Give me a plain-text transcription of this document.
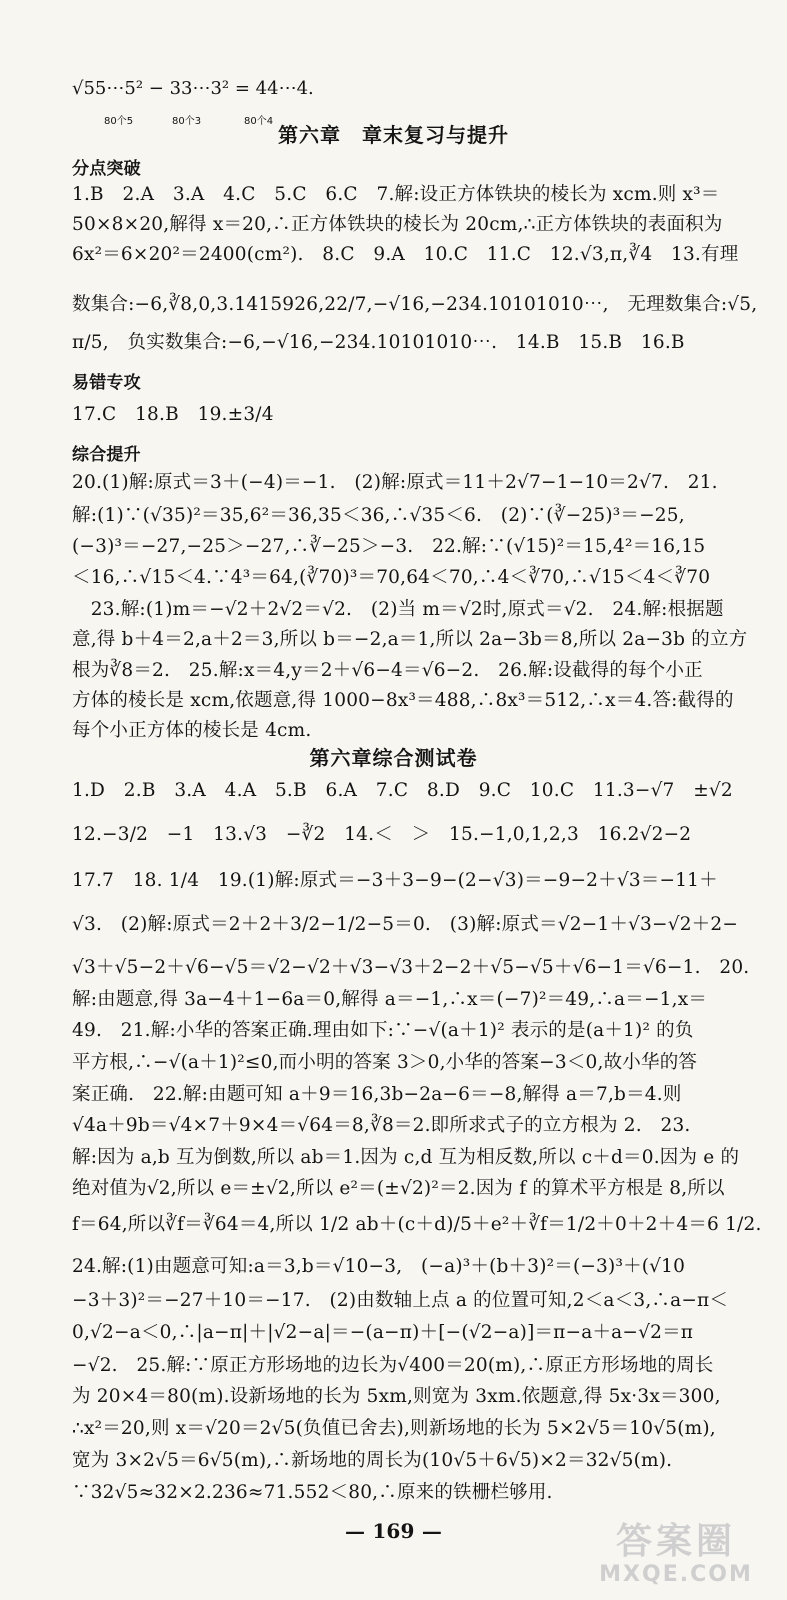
√55⋯5² − 33⋯3² = 44⋯4.
80个5	80个3	80个4
第六章　章末复习与提升
分点突破
1.B　2.A　3.A　4.C　5.C　6.C　7.解:设正方体铁块的棱长为 xcm.则 x³＝
50×8×20,解得 x＝20,∴正方体铁块的棱长为 20cm,∴正方体铁块的表面积为
6x²＝6×20²＝2400(cm²).　8.C　9.A　10.C　11.C　12.√3,π,∛4　13.有理
数集合:−6,∛8,0,3.1415926,22/7,−√16,−234.10101010⋯,　无理数集合:√5,
π/5,　负实数集合:−6,−√16,−234.10101010⋯.　14.B　15.B　16.B
易错专攻
17.C　18.B　19.±3/4
综合提升
20.(1)解:原式＝3＋(−4)＝−1.　(2)解:原式＝11＋2√7−1−10＝2√7.　21.
解:(1)∵(√35)²＝35,6²＝36,35＜36,∴√35＜6.　(2)∵(∛−25)³＝−25,
(−3)³＝−27,−25＞−27,∴∛−25＞−3.　22.解:∵(√15)²＝15,4²＝16,15
＜16,∴√15＜4.∵4³＝64,(∛70)³＝70,64＜70,∴4＜∛70,∴√15＜4＜∛70
　23.解:(1)m＝−√2＋2√2＝√2.　(2)当 m＝√2时,原式＝√2.　24.解:根据题
意,得 b＋4＝2,a＋2＝3,所以 b＝−2,a＝1,所以 2a−3b＝8,所以 2a−3b 的立方
根为∛8＝2.　25.解:x＝4,y＝2＋√6−4＝√6−2.　26.解:设截得的每个小正
方体的棱长是 xcm,依题意,得 1000−8x³＝488,∴8x³＝512,∴x＝4.答:截得的
每个小正方体的棱长是 4cm.
第六章综合测试卷
1.D　2.B　3.A　4.A　5.B　6.A　7.C　8.D　9.C　10.C　11.3−√7　±√2
12.−3/2　−1　13.√3　−∛2　14.＜　＞　15.−1,0,1,2,3　16.2√2−2
17.7　18. 1/4　19.(1)解:原式＝−3＋3−9−(2−√3)＝−9−2＋√3＝−11＋
√3.　(2)解:原式＝2＋2＋3/2−1/2−5＝0.　(3)解:原式＝√2−1＋√3−√2＋2−
√3＋√5−2＋√6−√5＝√2−√2＋√3−√3＋2−2＋√5−√5＋√6−1＝√6−1.　20.
解:由题意,得 3a−4＋1−6a＝0,解得 a＝−1,∴x＝(−7)²＝49,∴a＝−1,x＝
49.　21.解:小华的答案正确.理由如下:∵−√(a＋1)² 表示的是(a＋1)² 的负
平方根,∴−√(a＋1)²≤0,而小明的答案 3＞0,小华的答案−3＜0,故小华的答
案正确.　22.解:由题可知 a＋9＝16,3b−2a−6＝−8,解得 a＝7,b＝4.则
√4a＋9b＝√4×7＋9×4＝√64＝8,∛8＝2.即所求式子的立方根为 2.　23.
解:因为 a,b 互为倒数,所以 ab＝1.因为 c,d 互为相反数,所以 c＋d＝0.因为 e 的
绝对值为√2,所以 e＝±√2,所以 e²＝(±√2)²＝2.因为 f 的算术平方根是 8,所以
f＝64,所以∛f＝∛64＝4,所以 1/2 ab＋(c＋d)/5＋e²＋∛f＝1/2＋0＋2＋4＝6 1/2.
24.解:(1)由题意可知:a＝3,b＝√10−3,　(−a)³＋(b＋3)²＝(−3)³＋(√10
−3＋3)²＝−27＋10＝−17.　(2)由数轴上点 a 的位置可知,2＜a＜3,∴a−π＜
0,√2−a＜0,∴|a−π|＋|√2−a|＝−(a−π)＋[−(√2−a)]＝π−a＋a−√2＝π
−√2.　25.解:∵原正方形场地的边长为√400＝20(m),∴原正方形场地的周长
为 20×4＝80(m).设新场地的长为 5xm,则宽为 3xm.依题意,得 5x·3x＝300,
∴x²＝20,则 x＝√20＝2√5(负值已舍去),则新场地的长为 5×2√5＝10√5(m),
宽为 3×2√5＝6√5(m),∴新场地的周长为(10√5＋6√5)×2＝32√5(m).
∵32√5≈32×2.236≈71.552＜80,∴原来的铁栅栏够用.
— 169 —	答案圈
MXQE.COM
